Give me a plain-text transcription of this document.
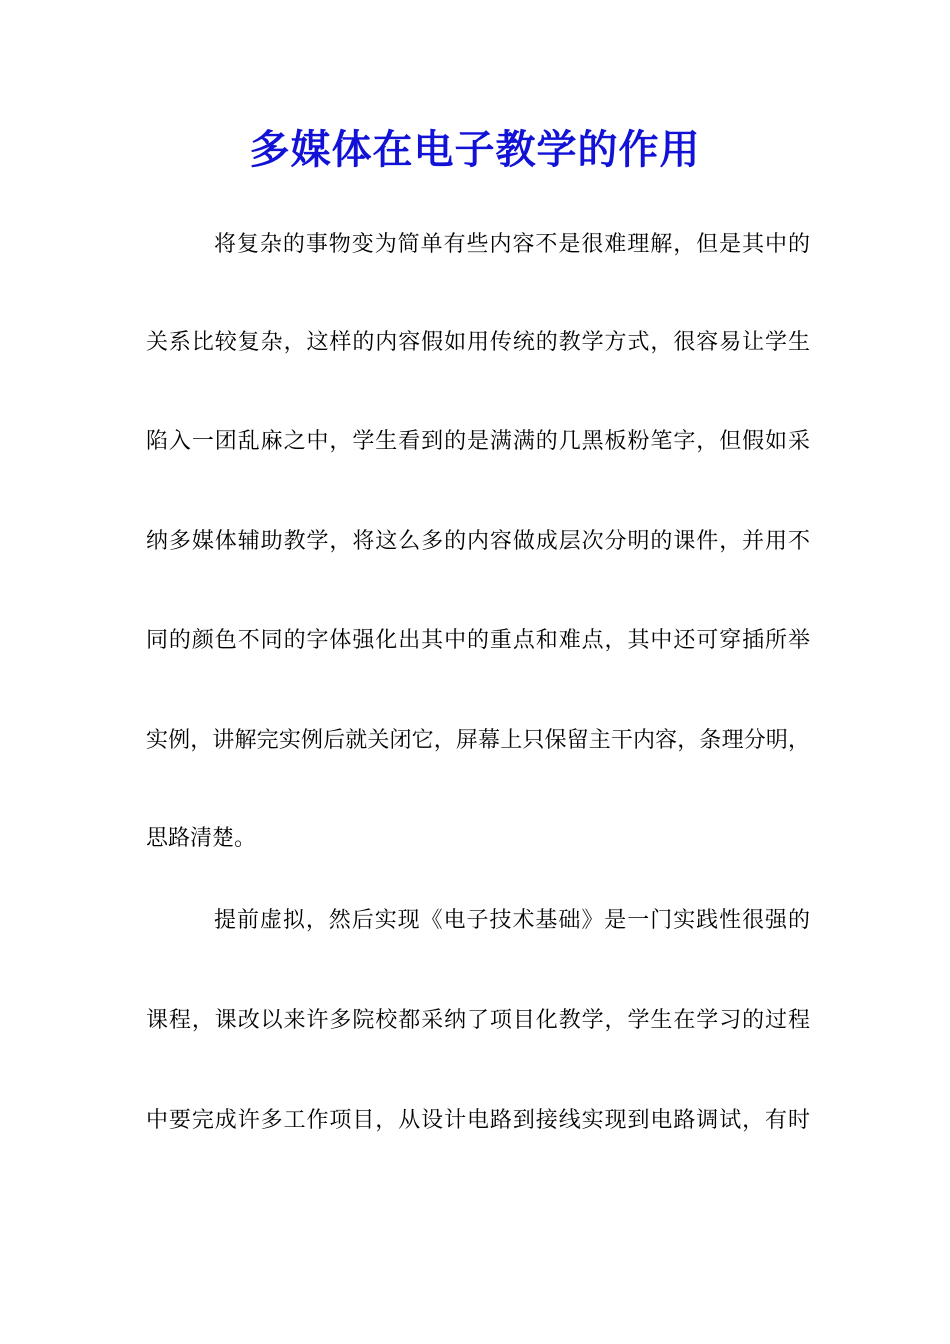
多媒体在电子教学的作用
将复杂的事物变为简单有些内容不是很难理解，但是其中的
关系比较复杂，这样的内容假如用传统的教学方式，很容易让学生
陷入一团乱麻之中，学生看到的是满满的几黑板粉笔字，但假如采
纳多媒体辅助教学，将这么多的内容做成层次分明的课件，并用不
同的颜色不同的字体强化出其中的重点和难点，其中还可穿插所举
实例，讲解完实例后就关闭它，屏幕上只保留主干内容，条理分明，
思路清楚。
提前虚拟，然后实现《电子技术基础》是一门实践性很强的
课程，课改以来许多院校都采纳了项目化教学，学生在学习的过程
中要完成许多工作项目，从设计电路到接线实现到电路调试，有时
